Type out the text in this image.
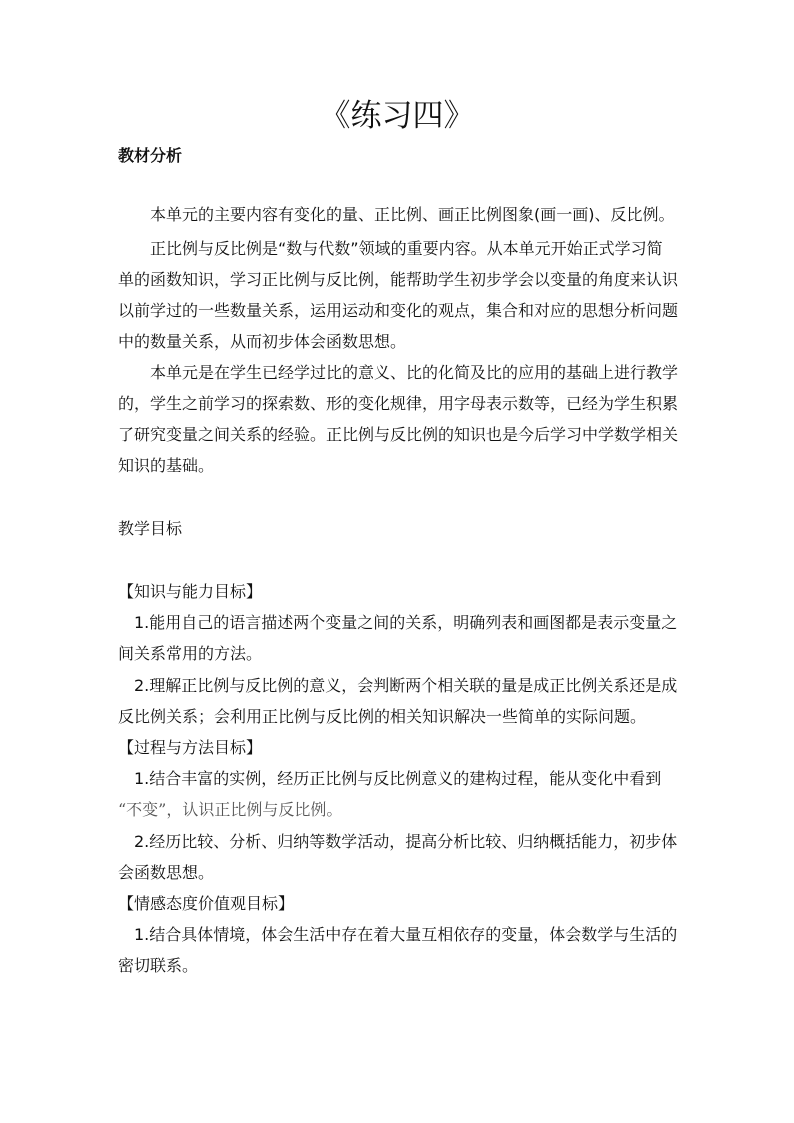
《练习四》
教材分析
本单元的主要内容有变化的量、正比例、画正比例图象(画一画)、反比例。
正比例与反比例是“数与代数”领域的重要内容。从本单元开始正式学习简
单的函数知识，学习正比例与反比例，能帮助学生初步学会以变量的角度来认识
以前学过的一些数量关系，运用运动和变化的观点，集合和对应的思想分析问题
中的数量关系，从而初步体会函数思想。
本单元是在学生已经学过比的意义、比的化简及比的应用的基础上进行教学
的，学生之前学习的探索数、形的变化规律，用字母表示数等，已经为学生积累
了研究变量之间关系的经验。正比例与反比例的知识也是今后学习中学数学相关
知识的基础。
教学目标
【知识与能力目标】
1.能用自己的语言描述两个变量之间的关系，明确列表和画图都是表示变量之
间关系常用的方法。
2.理解正比例与反比例的意义，会判断两个相关联的量是成正比例关系还是成
反比例关系；会利用正比例与反比例的相关知识解决一些简单的实际问题。
【过程与方法目标】
1.结合丰富的实例，经历正比例与反比例意义的建构过程，能从变化中看到
“不变”，认识正比例与反比例。
2.经历比较、分析、归纳等数学活动，提高分析比较、归纳概括能力，初步体
会函数思想。
【情感态度价值观目标】
1.结合具体情境，体会生活中存在着大量互相依存的变量，体会数学与生活的
密切联系。
